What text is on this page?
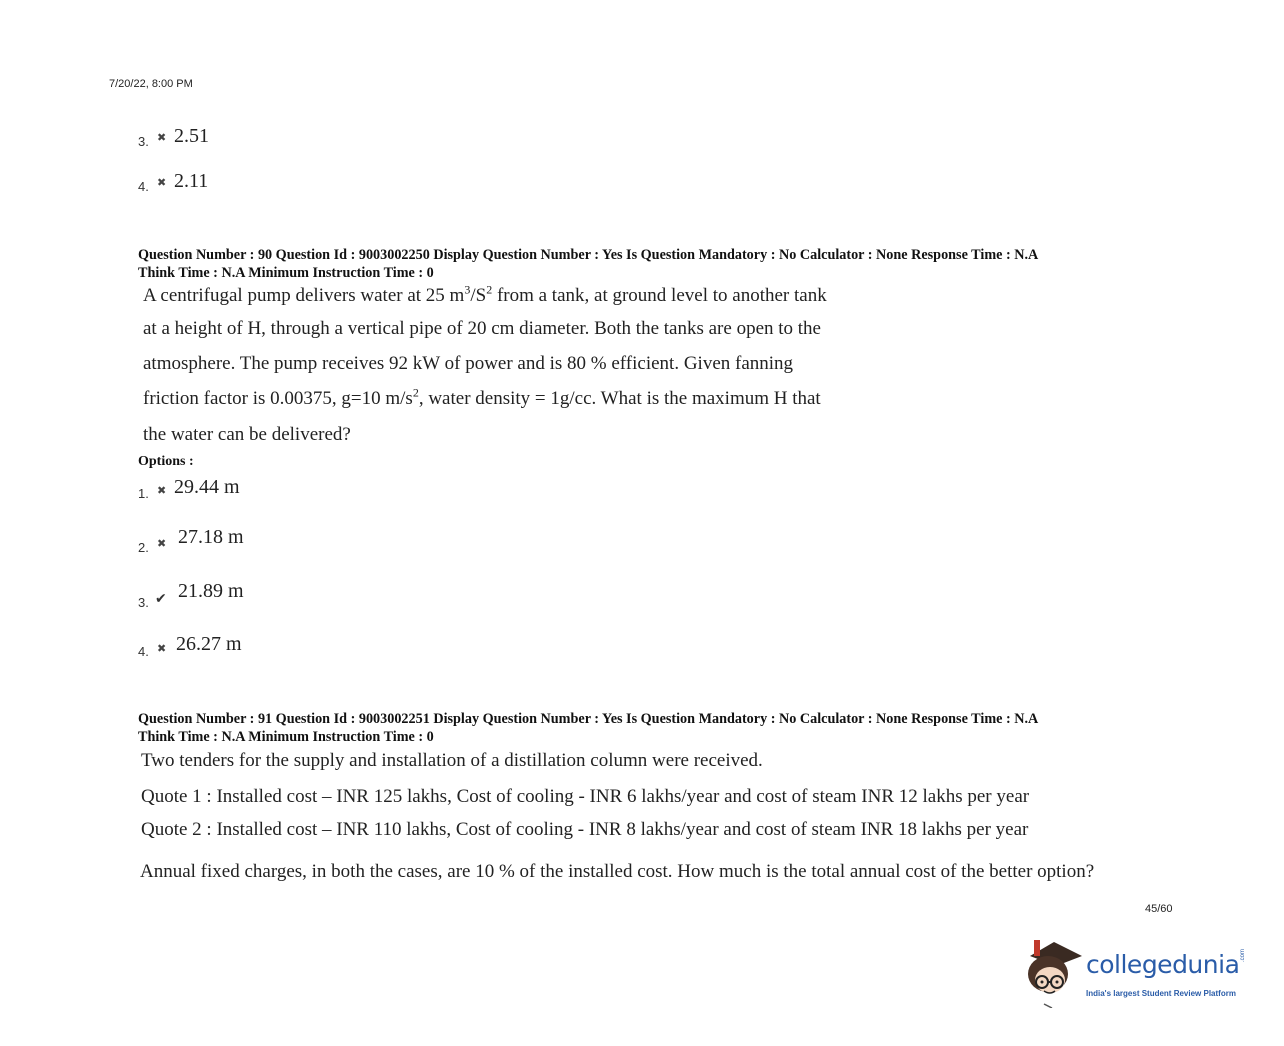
7/20/22, 8:00 PM
3. ✖ 2.51
4. ✖ 2.11
Question Number : 90 Question Id : 9003002250 Display Question Number : Yes Is Question Mandatory : No Calculator : None Response Time : N.A
Think Time : N.A Minimum Instruction Time : 0
A centrifugal pump delivers water at 25 $m^3/S^2$ from a tank, at ground level to another tank
at a height of H, through a vertical pipe of 20 cm diameter. Both the tanks are open to the
atmosphere. The pump receives 92 kW of power and is 80 % efficient. Given fanning
friction factor is 0.00375, g=10 $m/s^2$, water density = 1g/cc. What is the maximum H that
the water can be delivered?
Options :
1. ✖ 29.44 m
2. ✖ 27.18 m
3. ✔ 21.89 m
4. ✖ 26.27 m
Question Number : 91 Question Id : 9003002251 Display Question Number : Yes Is Question Mandatory : No Calculator : None Response Time : N.A
Think Time : N.A Minimum Instruction Time : 0
Two tenders for the supply and installation of a distillation column were received.
Quote 1 : Installed cost – INR 125 lakhs, Cost of cooling - INR 6 lakhs/year and cost of steam INR 12 lakhs per year
Quote 2 : Installed cost – INR 110 lakhs, Cost of cooling - INR 8 lakhs/year and cost of steam INR 18 lakhs per year
Annual fixed charges, in both the cases, are 10 % of the installed cost. How much is the total annual cost of the better option?
45/60
collegedunia .com
India's largest Student Review Platform
